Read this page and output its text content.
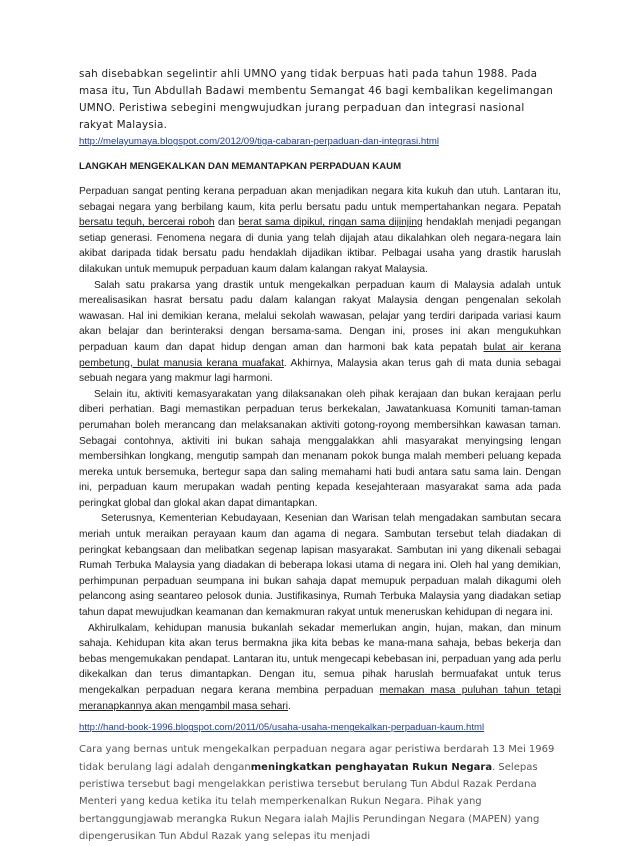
sah disebabkan segelintir ahli UMNO yang tidak berpuas hati pada tahun 1988. Pada masa itu, Tun Abdullah Badawi membentu Semangat 46 bagi kembalikan kegelimangan UMNO. Peristiwa sebegini mengwujudkan jurang perpaduan dan integrasi nasional rakyat Malaysia.

http://melayumaya.blogspot.com/2012/09/tiga-cabaran-perpaduan-dan-integrasi.html

LANGKAH MENGEKALKAN DAN MEMANTAPKAN PERPADUAN KAUM

Perpaduan sangat penting kerana perpaduan akan menjadikan negara kita kukuh dan utuh. Lantaran itu, sebagai negara yang berbilang kaum, kita perlu bersatu padu untuk mempertahankan negara. Pepatah bersatu teguh, bercerai roboh dan berat sama dipikul, ringan sama dijinjing hendaklah menjadi pegangan setiap generasi. Fenomena negara di dunia yang telah dijajah atau dikalahkan oleh negara-negara lain akibat daripada tidak bersatu padu hendaklah dijadikan iktibar. Pelbagai usaha yang drastik haruslah dilakukan untuk memupuk perpaduan kaum dalam kalangan rakyat Malaysia.

Salah satu prakarsa yang drastik untuk mengekalkan perpaduan kaum di Malaysia adalah untuk merealisasikan hasrat bersatu padu dalam kalangan rakyat Malaysia dengan pengenalan sekolah wawasan. Hal ini demikian kerana, melalui sekolah wawasan, pelajar yang terdiri daripada variasi kaum akan belajar dan berinteraksi dengan bersama-sama. Dengan ini, proses ini akan mengukuhkan perpaduan kaum dan dapat hidup dengan aman dan harmoni bak kata pepatah bulat air kerana pembetung, bulat manusia kerana muafakat. Akhirnya, Malaysia akan terus gah di mata dunia sebagai sebuah negara yang makmur lagi harmoni.

Selain itu, aktiviti kemasyarakatan yang dilaksanakan oleh pihak kerajaan dan bukan kerajaan perlu diberi perhatian. Bagi memastikan perpaduan terus berkekalan, Jawatankuasa Komuniti taman-taman perumahan boleh merancang dan melaksanakan aktiviti gotong-royong membersihkan kawasan taman. Sebagai contohnya, aktiviti ini bukan sahaja menggalakkan ahli masyarakat menyingsing lengan membersihkan longkang, mengutip sampah dan menanam pokok bunga malah memberi peluang kepada mereka untuk bersemuka, bertegur sapa dan saling memahami hati budi antara satu sama lain. Dengan ini, perpaduan kaum merupakan wadah penting kepada kesejahteraan masyarakat sama ada pada peringkat global dan glokal akan dapat dimantapkan.

Seterusnya, Kementerian Kebudayaan, Kesenian dan Warisan telah mengadakan sambutan secara meriah untuk meraikan perayaan kaum dan agama di negara. Sambutan tersebut telah diadakan di peringkat kebangsaan dan melibatkan segenap lapisan masyarakat. Sambutan ini yang dikenali sebagai Rumah Terbuka Malaysia yang diadakan di beberapa lokasi utama di negara ini. Oleh hal yang demikian, perhimpunan perpaduan seumpana ini bukan sahaja dapat memupuk perpaduan malah dikagumi oleh pelancong asing seantareo pelosok dunia. Justifikasinya, Rumah Terbuka Malaysia yang diadakan setiap tahun dapat mewujudkan keamanan dan kemakmuran rakyat untuk meneruskan kehidupan di negara ini.

Akhirulkalam, kehidupan manusia bukanlah sekadar memerlukan angin, hujan, makan, dan minum sahaja. Kehidupan kita akan terus bermakna jika kita bebas ke mana-mana sahaja, bebas bekerja dan bebas mengemukakan pendapat. Lantaran itu, untuk mengecapi kebebasan ini, perpaduan yang ada perlu dikekalkan dan terus dimantapkan. Dengan itu, semua pihak haruslah bermuafakat untuk terus mengekalkan perpaduan negara kerana membina perpaduan memakan masa puluhan tahun tetapi meranapkannya akan mengambil masa sehari.

http://hand-book-1996.blogspot.com/2011/05/usaha-usaha-mengekalkan-perpaduan-kaum.html

Cara yang bernas untuk mengekalkan perpaduan negara agar peristiwa berdarah 13 Mei 1969 tidak berulang lagi adalah denganmeningkatkan penghayatan Rukun Negara. Selepas peristiwa tersebut bagi mengelakkan peristiwa tersebut berulang Tun Abdul Razak Perdana Menteri yang kedua ketika itu telah memperkenalkan Rukun Negara. Pihak yang bertanggungjawab merangka Rukun Negara ialah Majlis Perundingan Negara (MAPEN) yang dipengerusikan Tun Abdul Razak yang selepas itu menjadi
